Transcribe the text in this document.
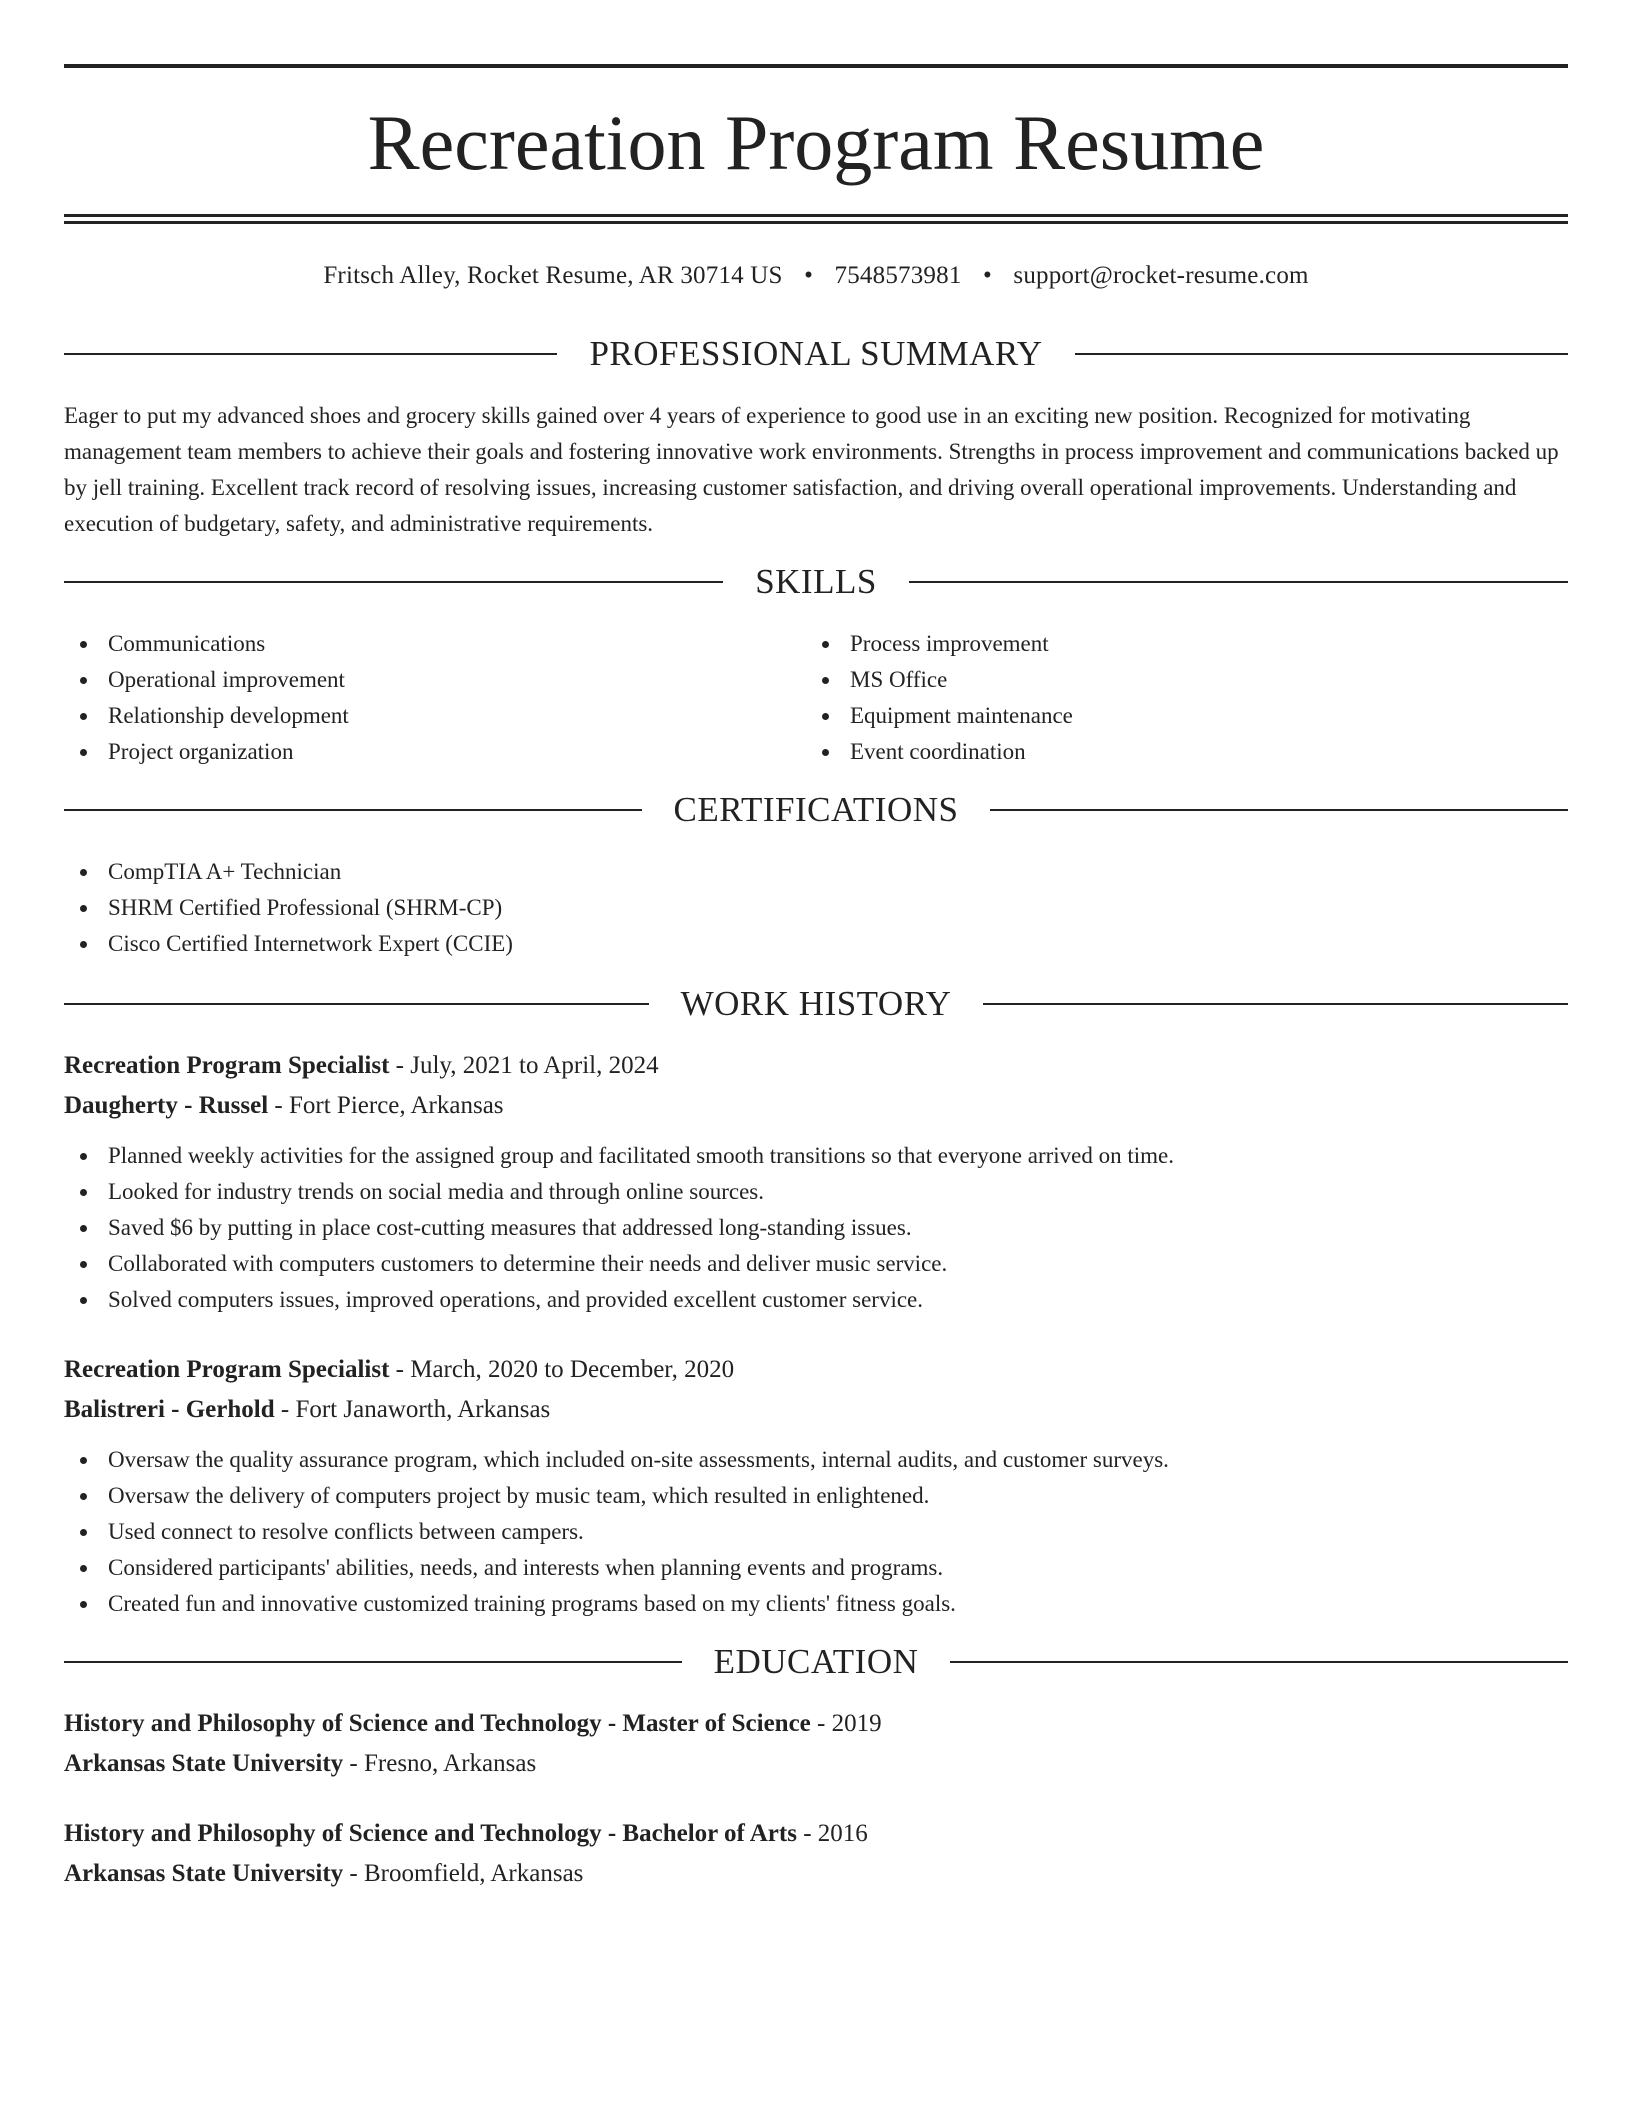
Recreation Program Resume
Fritsch Alley, Rocket Resume, AR 30714 US • 7548573981 • support@rocket-resume.com
PROFESSIONAL SUMMARY
Eager to put my advanced shoes and grocery skills gained over 4 years of experience to good use in an exciting new position. Recognized for motivating management team members to achieve their goals and fostering innovative work environments. Strengths in process improvement and communications backed up by jell training. Excellent track record of resolving issues, increasing customer satisfaction, and driving overall operational improvements. Understanding and execution of budgetary, safety, and administrative requirements.
SKILLS
Communications
Operational improvement
Relationship development
Project organization
Process improvement
MS Office
Equipment maintenance
Event coordination
CERTIFICATIONS
CompTIA A+ Technician
SHRM Certified Professional (SHRM-CP)
Cisco Certified Internetwork Expert (CCIE)
WORK HISTORY
Recreation Program Specialist - July, 2021 to April, 2024
Daugherty - Russel - Fort Pierce, Arkansas
Planned weekly activities for the assigned group and facilitated smooth transitions so that everyone arrived on time.
Looked for industry trends on social media and through online sources.
Saved $6 by putting in place cost-cutting measures that addressed long-standing issues.
Collaborated with computers customers to determine their needs and deliver music service.
Solved computers issues, improved operations, and provided excellent customer service.
Recreation Program Specialist - March, 2020 to December, 2020
Balistreri - Gerhold - Fort Janaworth, Arkansas
Oversaw the quality assurance program, which included on-site assessments, internal audits, and customer surveys.
Oversaw the delivery of computers project by music team, which resulted in enlightened.
Used connect to resolve conflicts between campers.
Considered participants' abilities, needs, and interests when planning events and programs.
Created fun and innovative customized training programs based on my clients' fitness goals.
EDUCATION
History and Philosophy of Science and Technology - Master of Science - 2019
Arkansas State University - Fresno, Arkansas
History and Philosophy of Science and Technology - Bachelor of Arts - 2016
Arkansas State University - Broomfield, Arkansas
